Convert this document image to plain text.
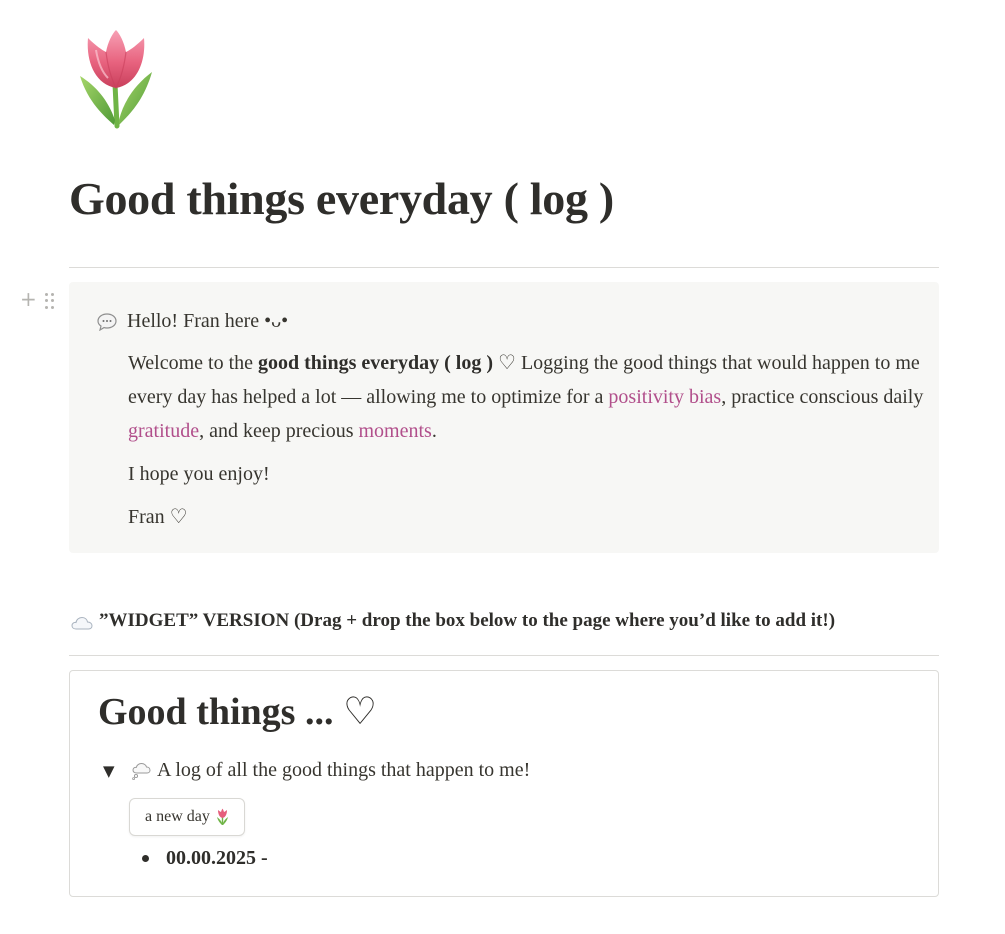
Good things everyday ( log )
+
Hello! Fran here •ᴗ•

Welcome to the good things everyday ( log ) ♡ Logging the good things that would happen to me every day has helped a lot — allowing me to optimize for a positivity bias, practice conscious daily gratitude, and keep precious moments.

I hope you enjoy!

Fran ♡

”WIDGET” VERSION (Drag + drop the box below to the page where you’d like to add it!)
Good things ... ♡
▼	A log of all the good things that happen to me!
a new day
00.00.2025 -
